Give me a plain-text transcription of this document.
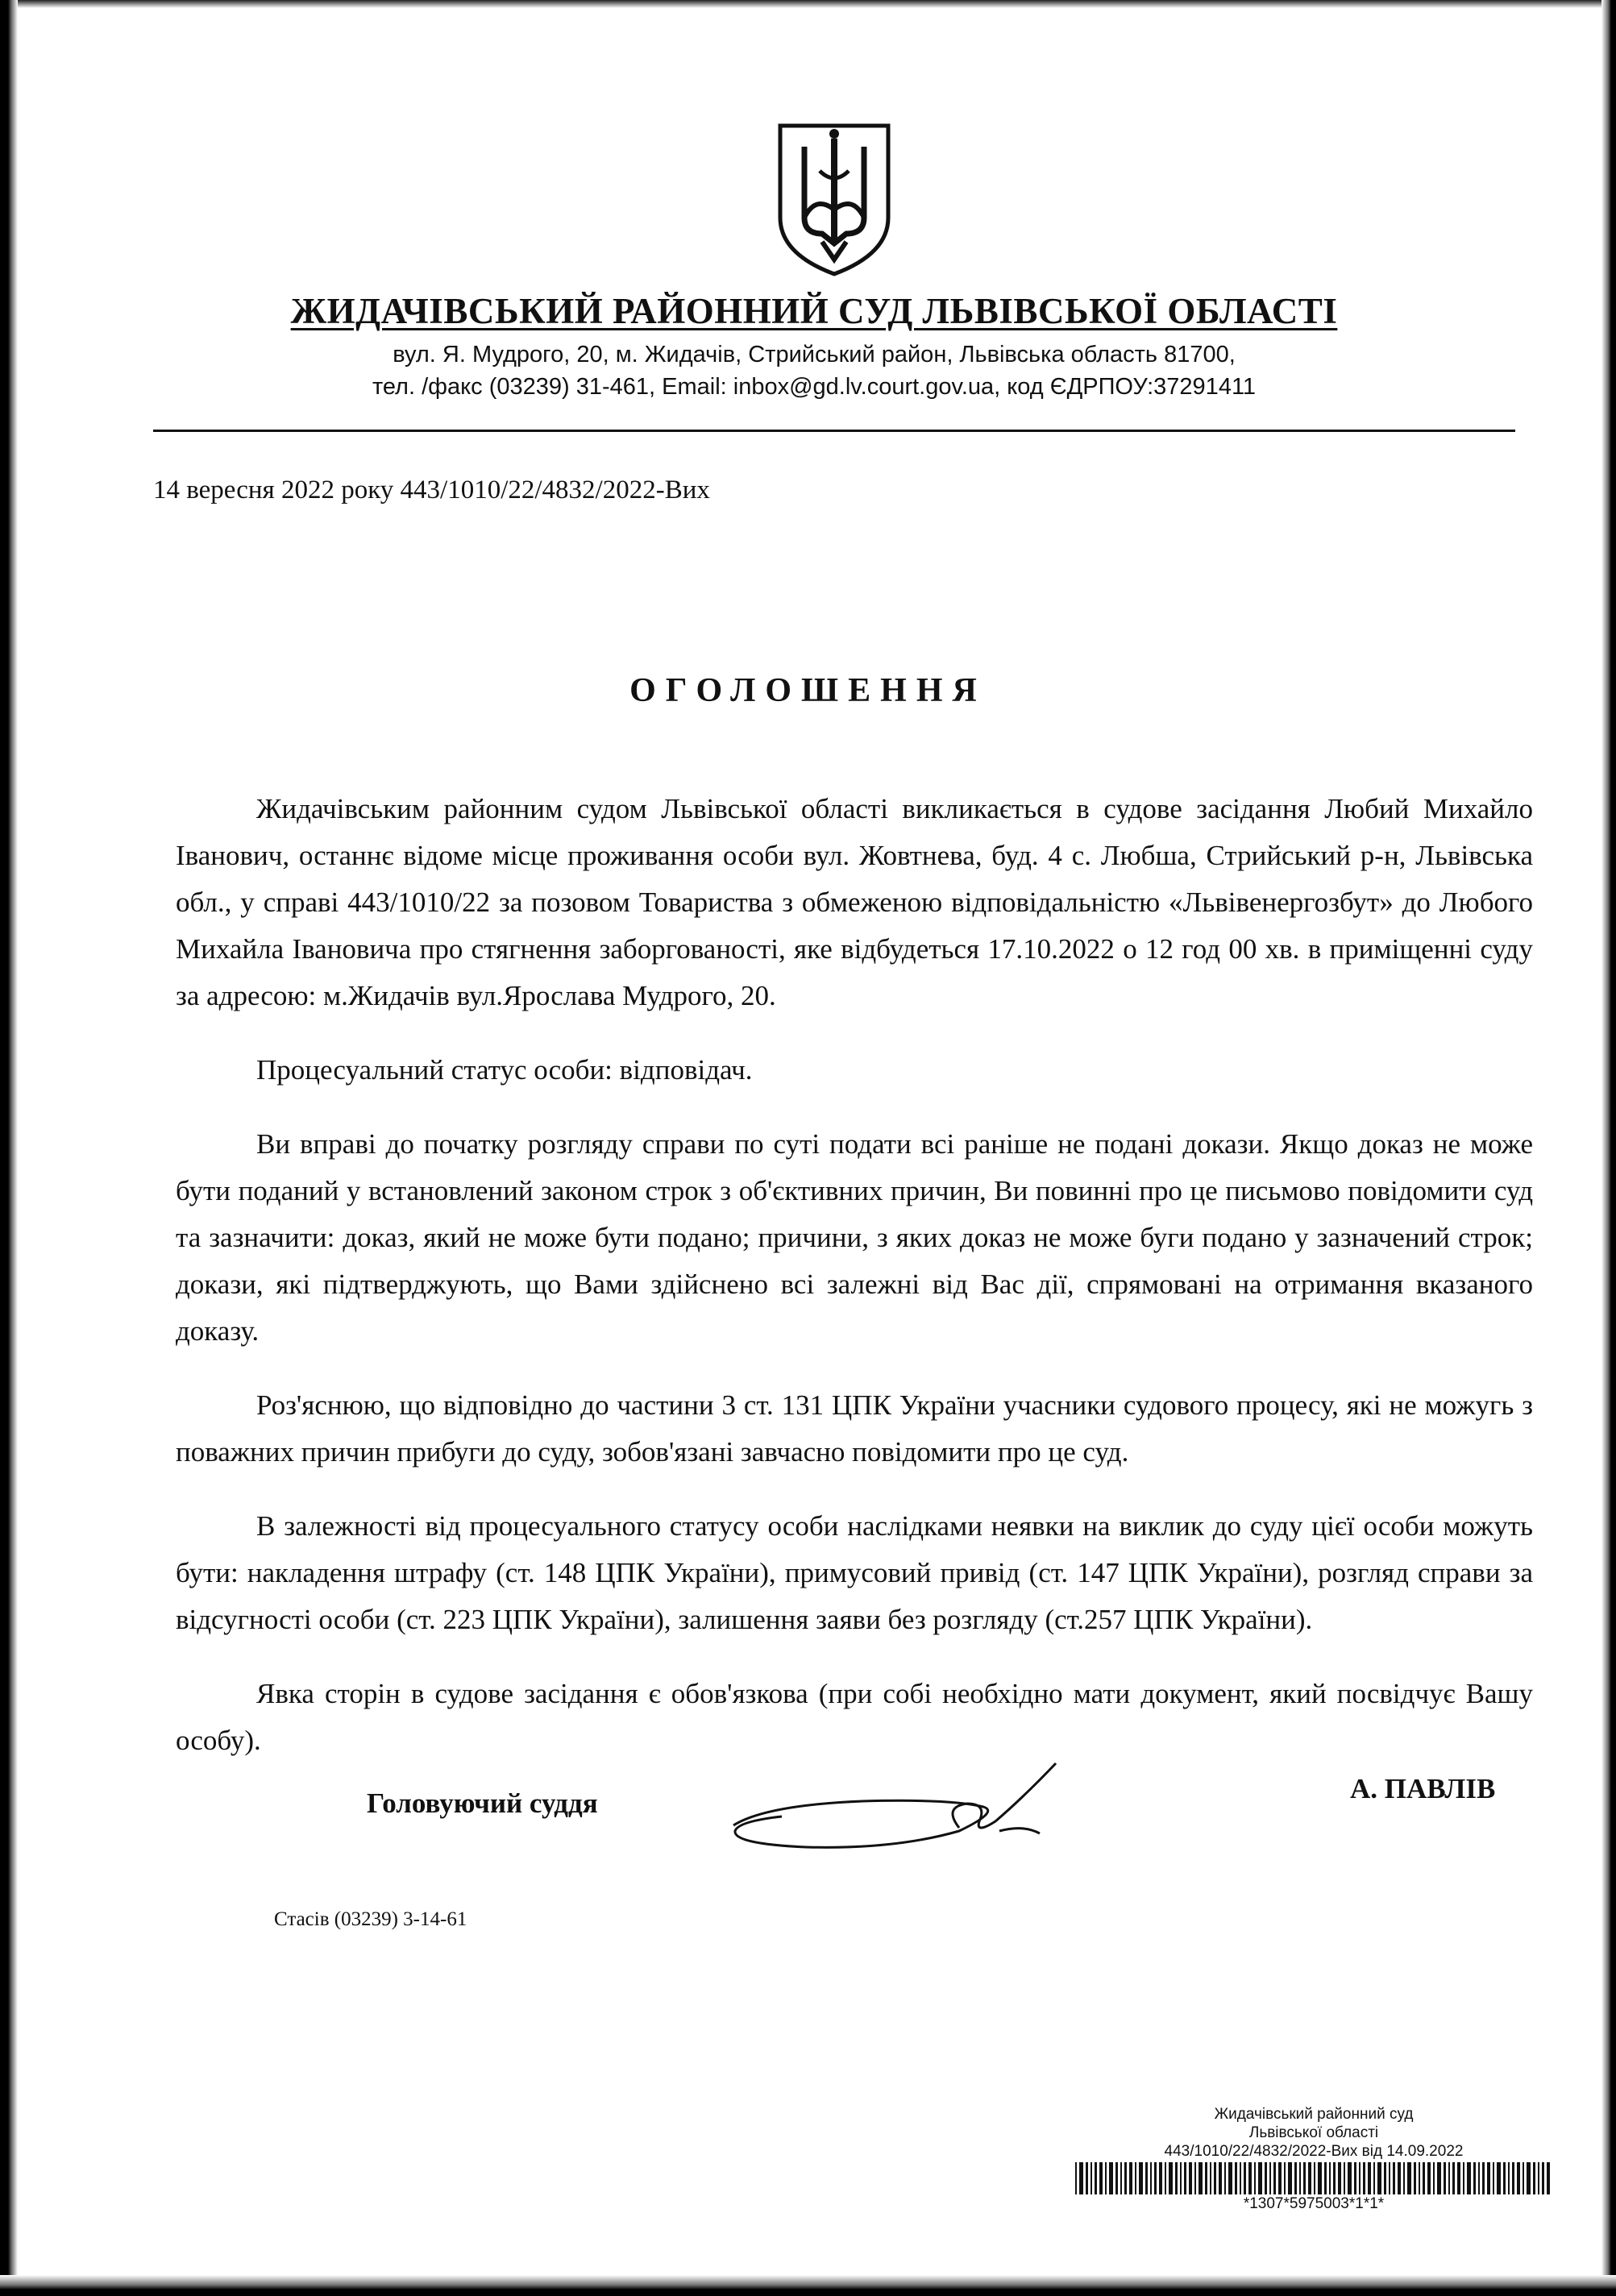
ЖИДАЧІВСЬКИЙ РАЙОННИЙ СУД ЛЬВІВСЬКОЇ ОБЛАСТІ
вул. Я. Мудрого, 20, м. Жидачів, Стрийський район, Львівська область 81700,
тел. /факс (03239) 31-461, Email: inbox@gd.lv.court.gov.ua, код ЄДРПОУ:37291411
14 вересня 2022 року 443/1010/22/4832/2022-Вих
ОГОЛОШЕННЯ

Жидачівським районним судом Львівської області викликається в судове засідання Любий Михайло Іванович, останнє відоме місце проживання особи вул. Жовтнева, буд. 4 с. Любша, Стрийський р-н, Львівська обл., у справі 443/1010/22 за позовом Товариства з обмеженою відповідальністю «Львівенергозбут» до Любого Михайла Івановича про стягнення заборгованості, яке відбудеться 17.10.2022 о 12 год 00 хв. в приміщенні суду за адресою: м.Жидачів вул.Ярослава Мудрого, 20.

Процесуальний статус особи: відповідач.

Ви вправі до початку розгляду справи по суті подати всі раніше не подані докази. Якщо доказ не може бути поданий у встановлений законом строк з об'єктивних причин, Ви повинні про це письмово повідомити суд та зазначити: доказ, який не може бути подано; причини, з яких доказ не може буги подано у зазначений строк; докази, які підтверджують, що Вами здійснено всі залежні від Вас дії, спрямовані на отримання вказаного доказу.

Роз'яснюю, що відповідно до частини 3 ст. 131 ЦПК України учасники судового процесу, які не можугь з поважних причин прибуги до суду, зобов'язані завчасно повідомити про це суд.

В залежності від процесуального статусу особи наслідками неявки на виклик до суду цієї особи можуть бути: накладення штрафу (ст. 148 ЦПК України), примусовий привід (ст. 147 ЦПК України), розгляд справи за відсугності особи (ст. 223 ЦПК України), залишення заяви без розгляду (ст.257 ЦПК України).

Явка сторін в судове засідання є обов'язкова (при собі необхідно мати документ, який посвідчує Вашу особу).

Головуючий суддя	А. ПАВЛІВ
Стасів (03239) 3-14-61
Жидачівський районний суд
Львівської області
443/1010/22/4832/2022-Вих від 14.09.2022
*1307*5975003*1*1*
